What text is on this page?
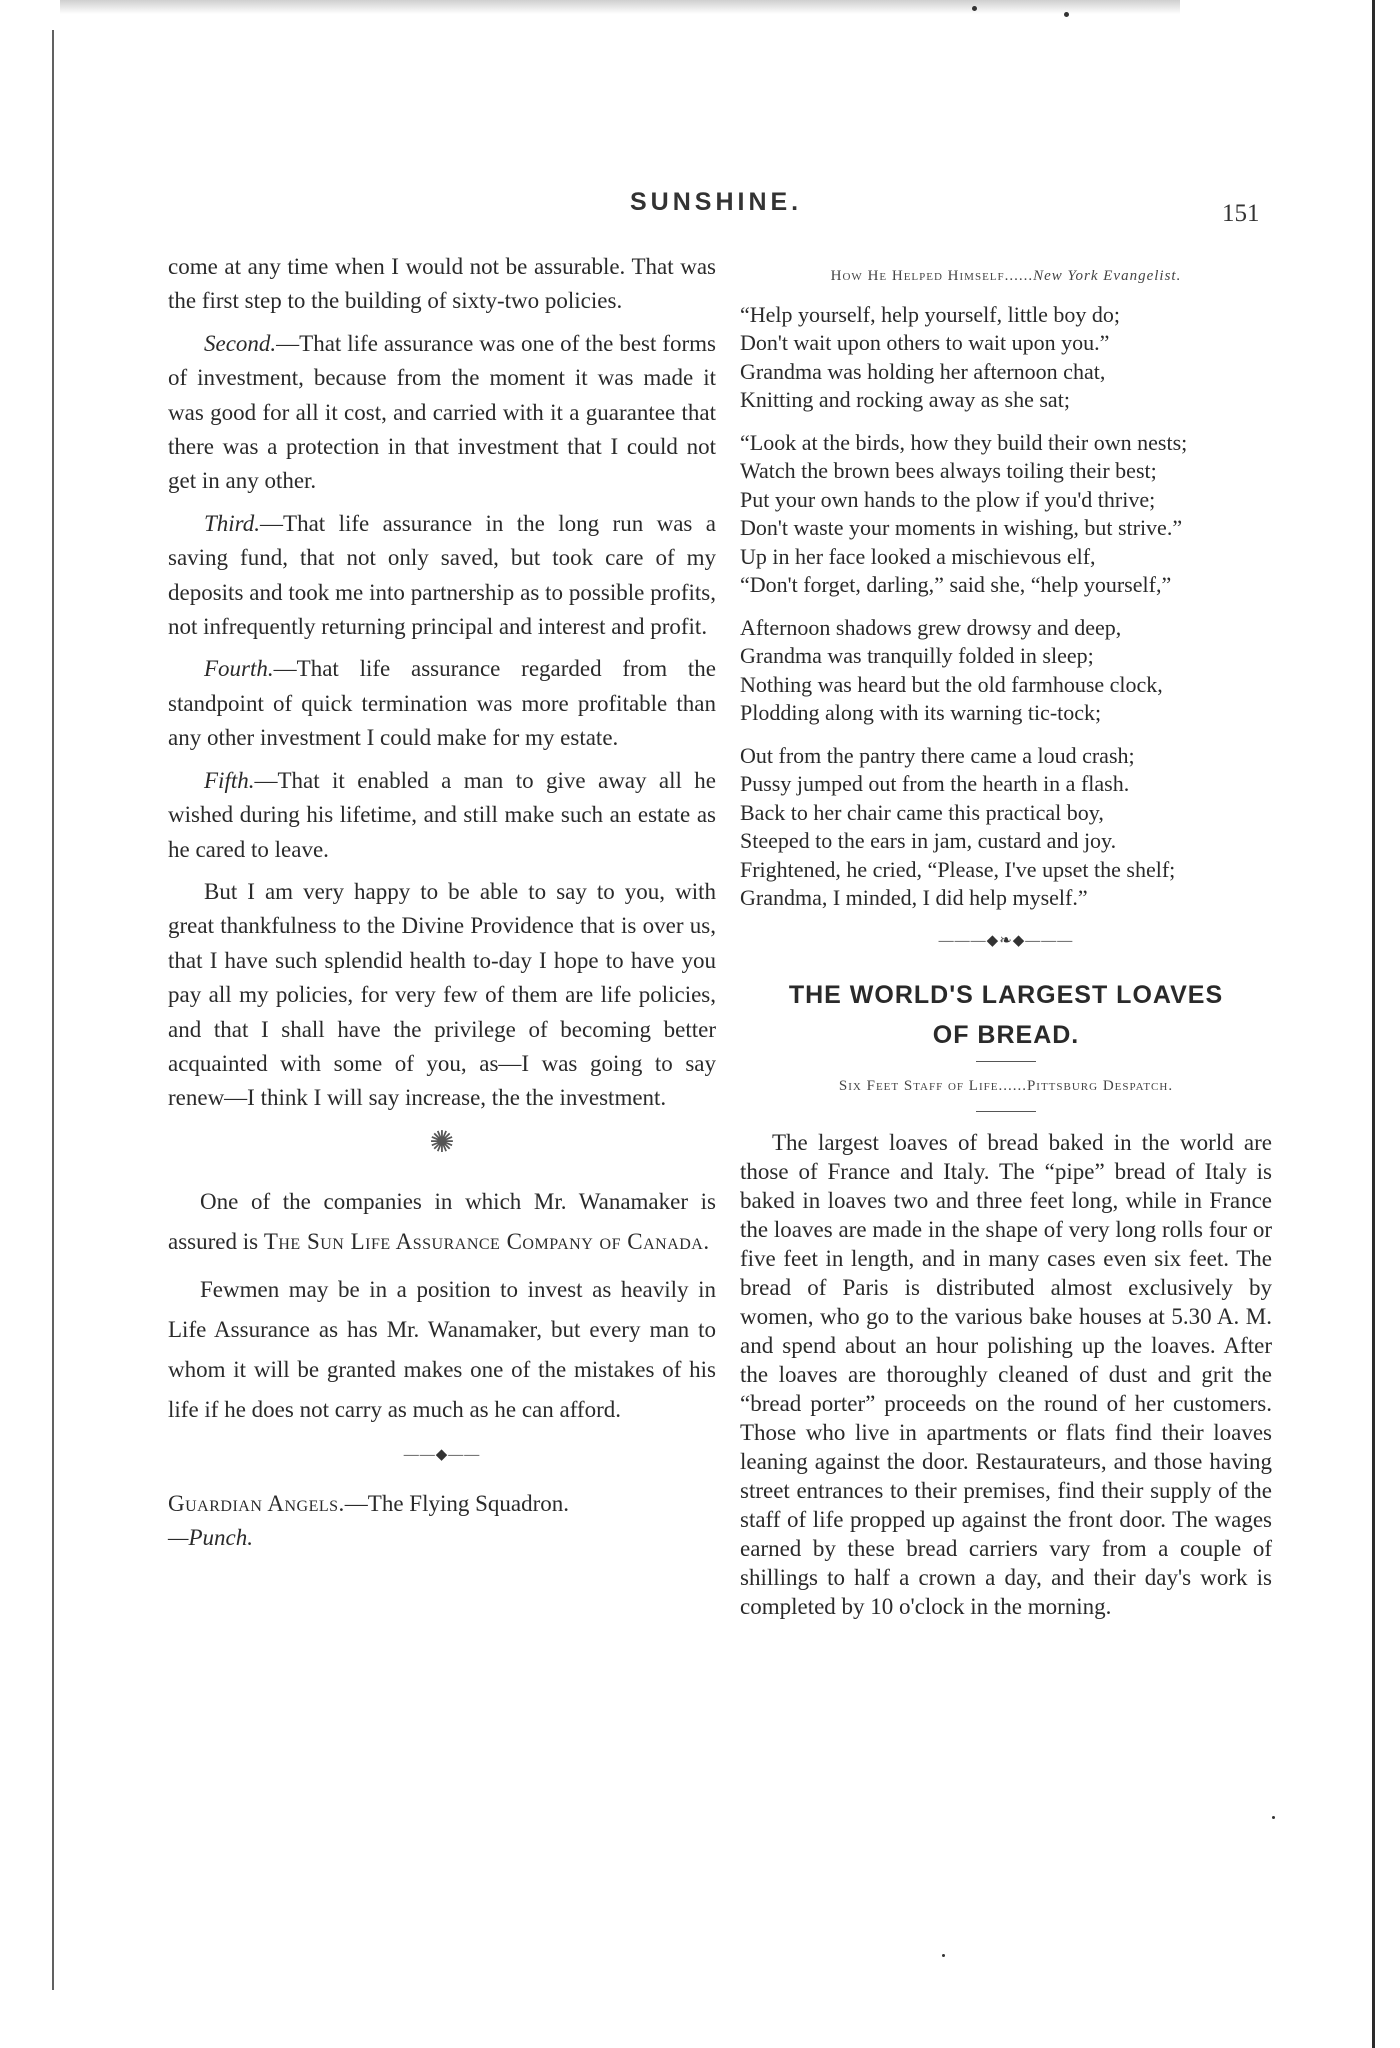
SUNSHINE.	151

come at any time when I would not be assurable. That was the first step to the building of sixty-two policies.

Second.—That life assurance was one of the best forms of investment, because from the moment it was made it was good for all it cost, and carried with it a guarantee that there was a protection in that investment that I could not get in any other.

Third.—That life assurance in the long run was a saving fund, that not only saved, but took care of my deposits and took me into partnership as to possible profits, not infrequently returning principal and interest and profit.

Fourth.—That life assurance regarded from the standpoint of quick termination was more profitable than any other investment I could make for my estate.

Fifth.—That it enabled a man to give away all he wished during his lifetime, and still make such an estate as he cared to leave.

But I am very happy to be able to say to you, with great thankfulness to the Divine Providence that is over us, that I have such splendid health to-day I hope to have you pay all my policies, for very few of them are life policies, and that I shall have the privilege of becoming better acquainted with some of you, as—I was going to say renew—I think I will say increase, the the investment.

✺

One of the companies in which Mr. Wanamaker is assured is The Sun Life Assurance Company of Canada.

Fewmen may be in a position to invest as heavily in Life Assurance as has Mr. Wanamaker, but every man to whom it will be granted makes one of the mistakes of his life if he does not carry as much as he can afford.

——◆——

Guardian Angels.—The Flying Squadron.
—Punch.

How He Helped Himself......New York Evangelist.
“Help yourself, help yourself, little boy do;
Don't wait upon others to wait upon you.”
Grandma was holding her afternoon chat,
Knitting and rocking away as she sat;
“Look at the birds, how they build their own nests;
Watch the brown bees always toiling their best;
Put your own hands to the plow if you'd thrive;
Don't waste your moments in wishing, but strive.”
Up in her face looked a mischievous elf,
“Don't forget, darling,” said she, “help yourself,”
Afternoon shadows grew drowsy and deep,
Grandma was tranquilly folded in sleep;
Nothing was heard but the old farmhouse clock,
Plodding along with its warning tic-tock;
Out from the pantry there came a loud crash;
Pussy jumped out from the hearth in a flash.
Back to her chair came this practical boy,
Steeped to the ears in jam, custard and joy.
Frightened, he cried, “Please, I've upset the shelf;
Grandma, I minded, I did help myself.”
———◆❧◆———
THE WORLD'S LARGEST LOAVES
OF BREAD.
Six Feet Staff of Life......Pittsburg Despatch.

The largest loaves of bread baked in the world are those of France and Italy. The “pipe” bread of Italy is baked in loaves two and three feet long, while in France the loaves are made in the shape of very long rolls four or five feet in length, and in many cases even six feet. The bread of Paris is distributed almost exclusively by women, who go to the various bake houses at 5.30 A. M. and spend about an hour polishing up the loaves. After the loaves are thoroughly cleaned of dust and grit the “bread porter” proceeds on the round of her customers. Those who live in apartments or flats find their loaves leaning against the door. Restaurateurs, and those having street entrances to their premises, find their supply of the staff of life propped up against the front door. The wages earned by these bread carriers vary from a couple of shillings to half a crown a day, and their day's work is completed by 10 o'clock in the morning.
